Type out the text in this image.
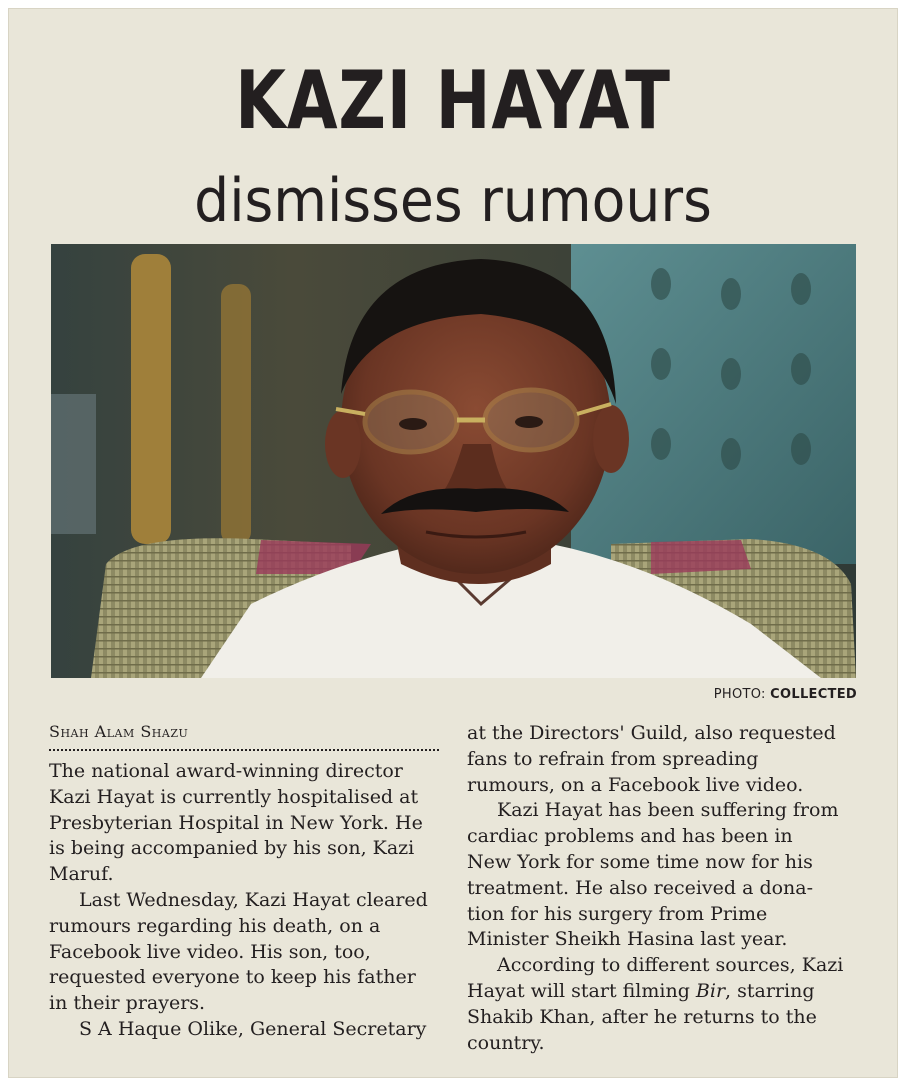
KAZI HAYAT
dismisses rumours
PHOTO: COLLECTED
Shah Alam Shazu

The national award-winning director

Kazi Hayat is currently hospitalised at

Presbyterian Hospital in New York. He

is being accompanied by his son, Kazi

Maruf.

Last Wednesday, Kazi Hayat cleared

rumours regarding his death, on a

Facebook live video. His son, too,

requested everyone to keep his father

in their prayers.

S A Haque Olike, General Secretary

at the Directors' Guild, also requested

fans to refrain from spreading

rumours, on a Facebook live video.

Kazi Hayat has been suffering from

cardiac problems and has been in

New York for some time now for his

treatment. He also received a dona-

tion for his surgery from Prime

Minister Sheikh Hasina last year.

According to different sources, Kazi

Hayat will start filming Bir, starring

Shakib Khan, after he returns to the

country.
